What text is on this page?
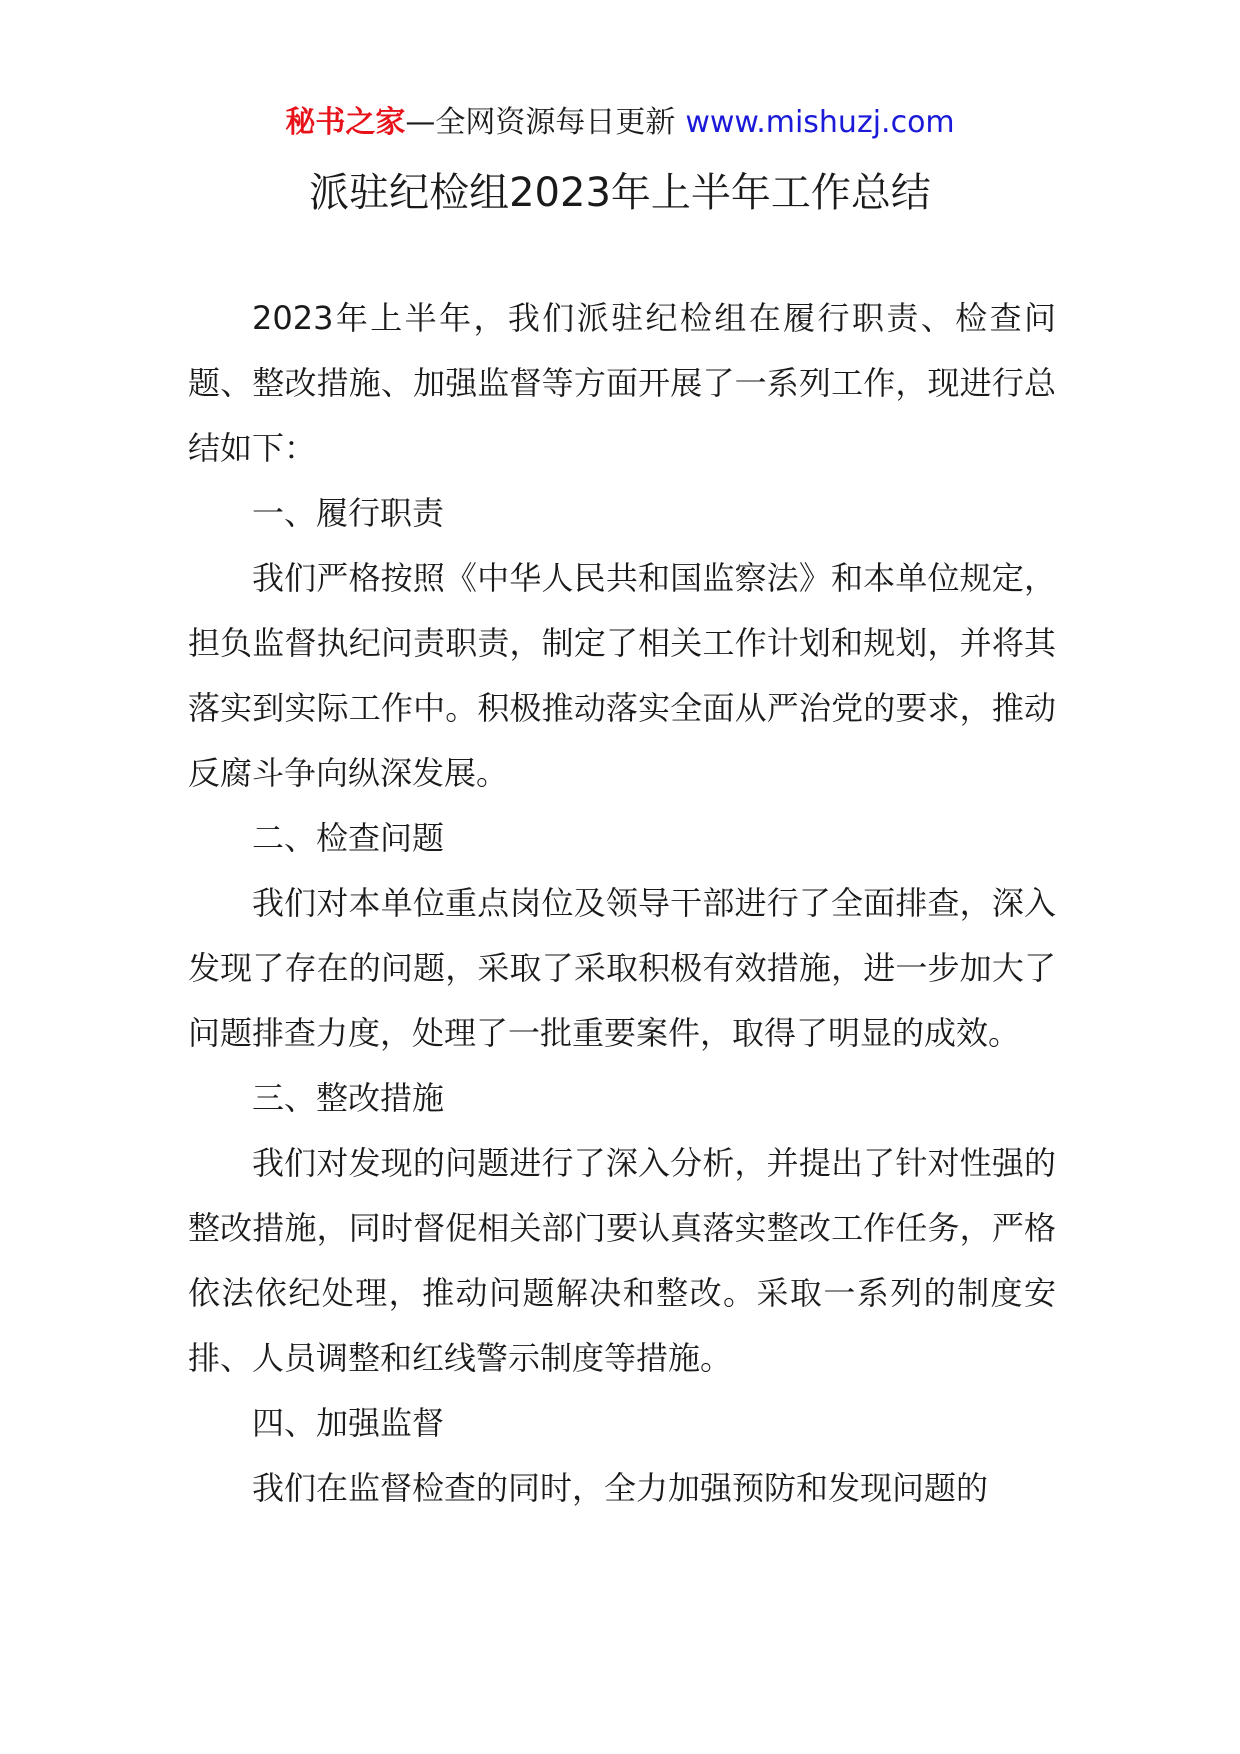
秘书之家—全网资源每日更新 www.mishuzj.com
派驻纪检组2023年上半年工作总结

2023年上半年，我们派驻纪检组在履行职责、检查问题、整改措施、加强监督等方面开展了一系列工作，现进行总结如下：

一、履行职责

我们严格按照《中华人民共和国监察法》和本单位规定，担负监督执纪问责职责，制定了相关工作计划和规划，并将其落实到实际工作中。积极推动落实全面从严治党的要求，推动反腐斗争向纵深发展。

二、检查问题

我们对本单位重点岗位及领导干部进行了全面排查，深入发现了存在的问题，采取了采取积极有效措施，进一步加大了问题排查力度，处理了一批重要案件，取得了明显的成效。

三、整改措施

我们对发现的问题进行了深入分析，并提出了针对性强的整改措施，同时督促相关部门要认真落实整改工作任务，严格依法依纪处理，推动问题解决和整改。采取一系列的制度安排、人员调整和红线警示制度等措施。

四、加强监督

我们在监督检查的同时，全力加强预防和发现问题的
